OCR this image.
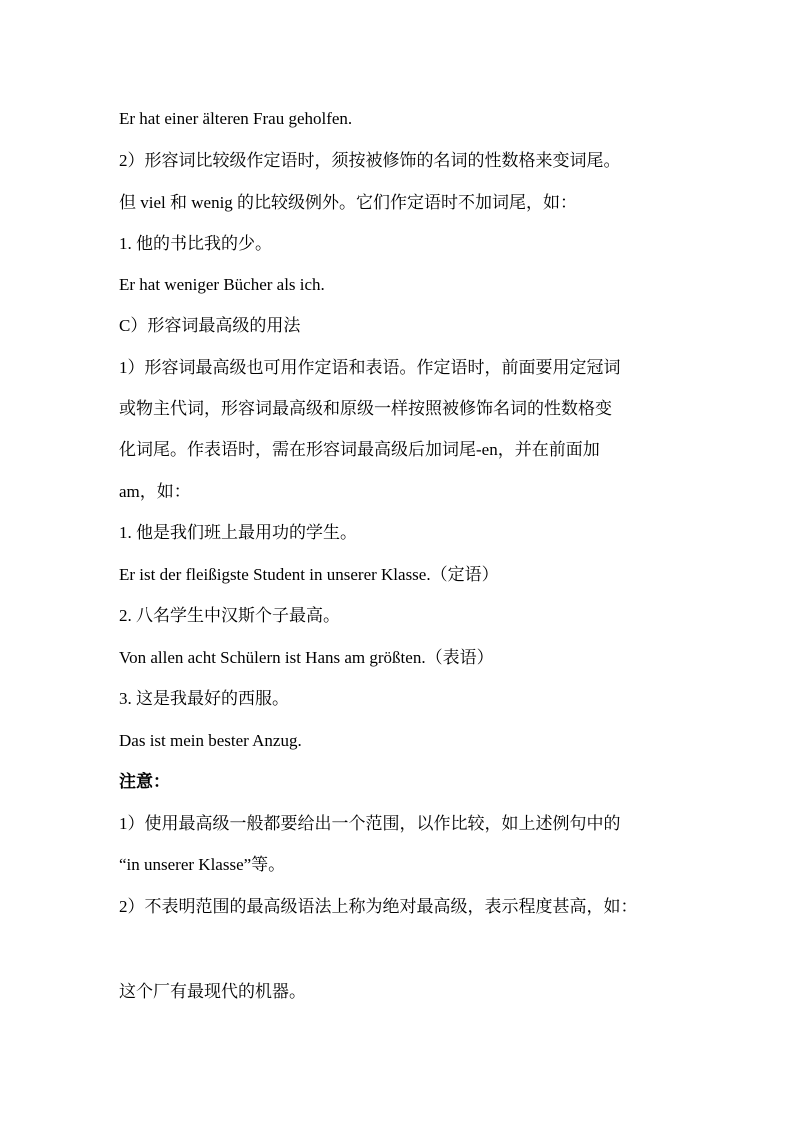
Er hat einer älteren Frau geholfen.
2）形容词比较级作定语时，须按被修饰的名词的性数格来变词尾。
但 viel 和 wenig 的比较级例外。它们作定语时不加词尾，如：
1. 他的书比我的少。
Er hat weniger Bücher als ich.
C）形容词最高级的用法
1）形容词最高级也可用作定语和表语。作定语时，前面要用定冠词
或物主代词，形容词最高级和原级一样按照被修饰名词的性数格变
化词尾。作表语时，需在形容词最高级后加词尾-en，并在前面加
am，如：
1. 他是我们班上最用功的学生。
Er ist der fleißigste Student in unserer Klasse.（定语）
2. 八名学生中汉斯个子最高。
Von allen acht Schülern ist Hans am größten.（表语）
3. 这是我最好的西服。
Das ist mein bester Anzug.
注意：
1）使用最高级一般都要给出一个范围，以作比较，如上述例句中的
“in unserer Klasse”等。
2）不表明范围的最高级语法上称为绝对最高级，表示程度甚高，如：
这个厂有最现代的机器。
